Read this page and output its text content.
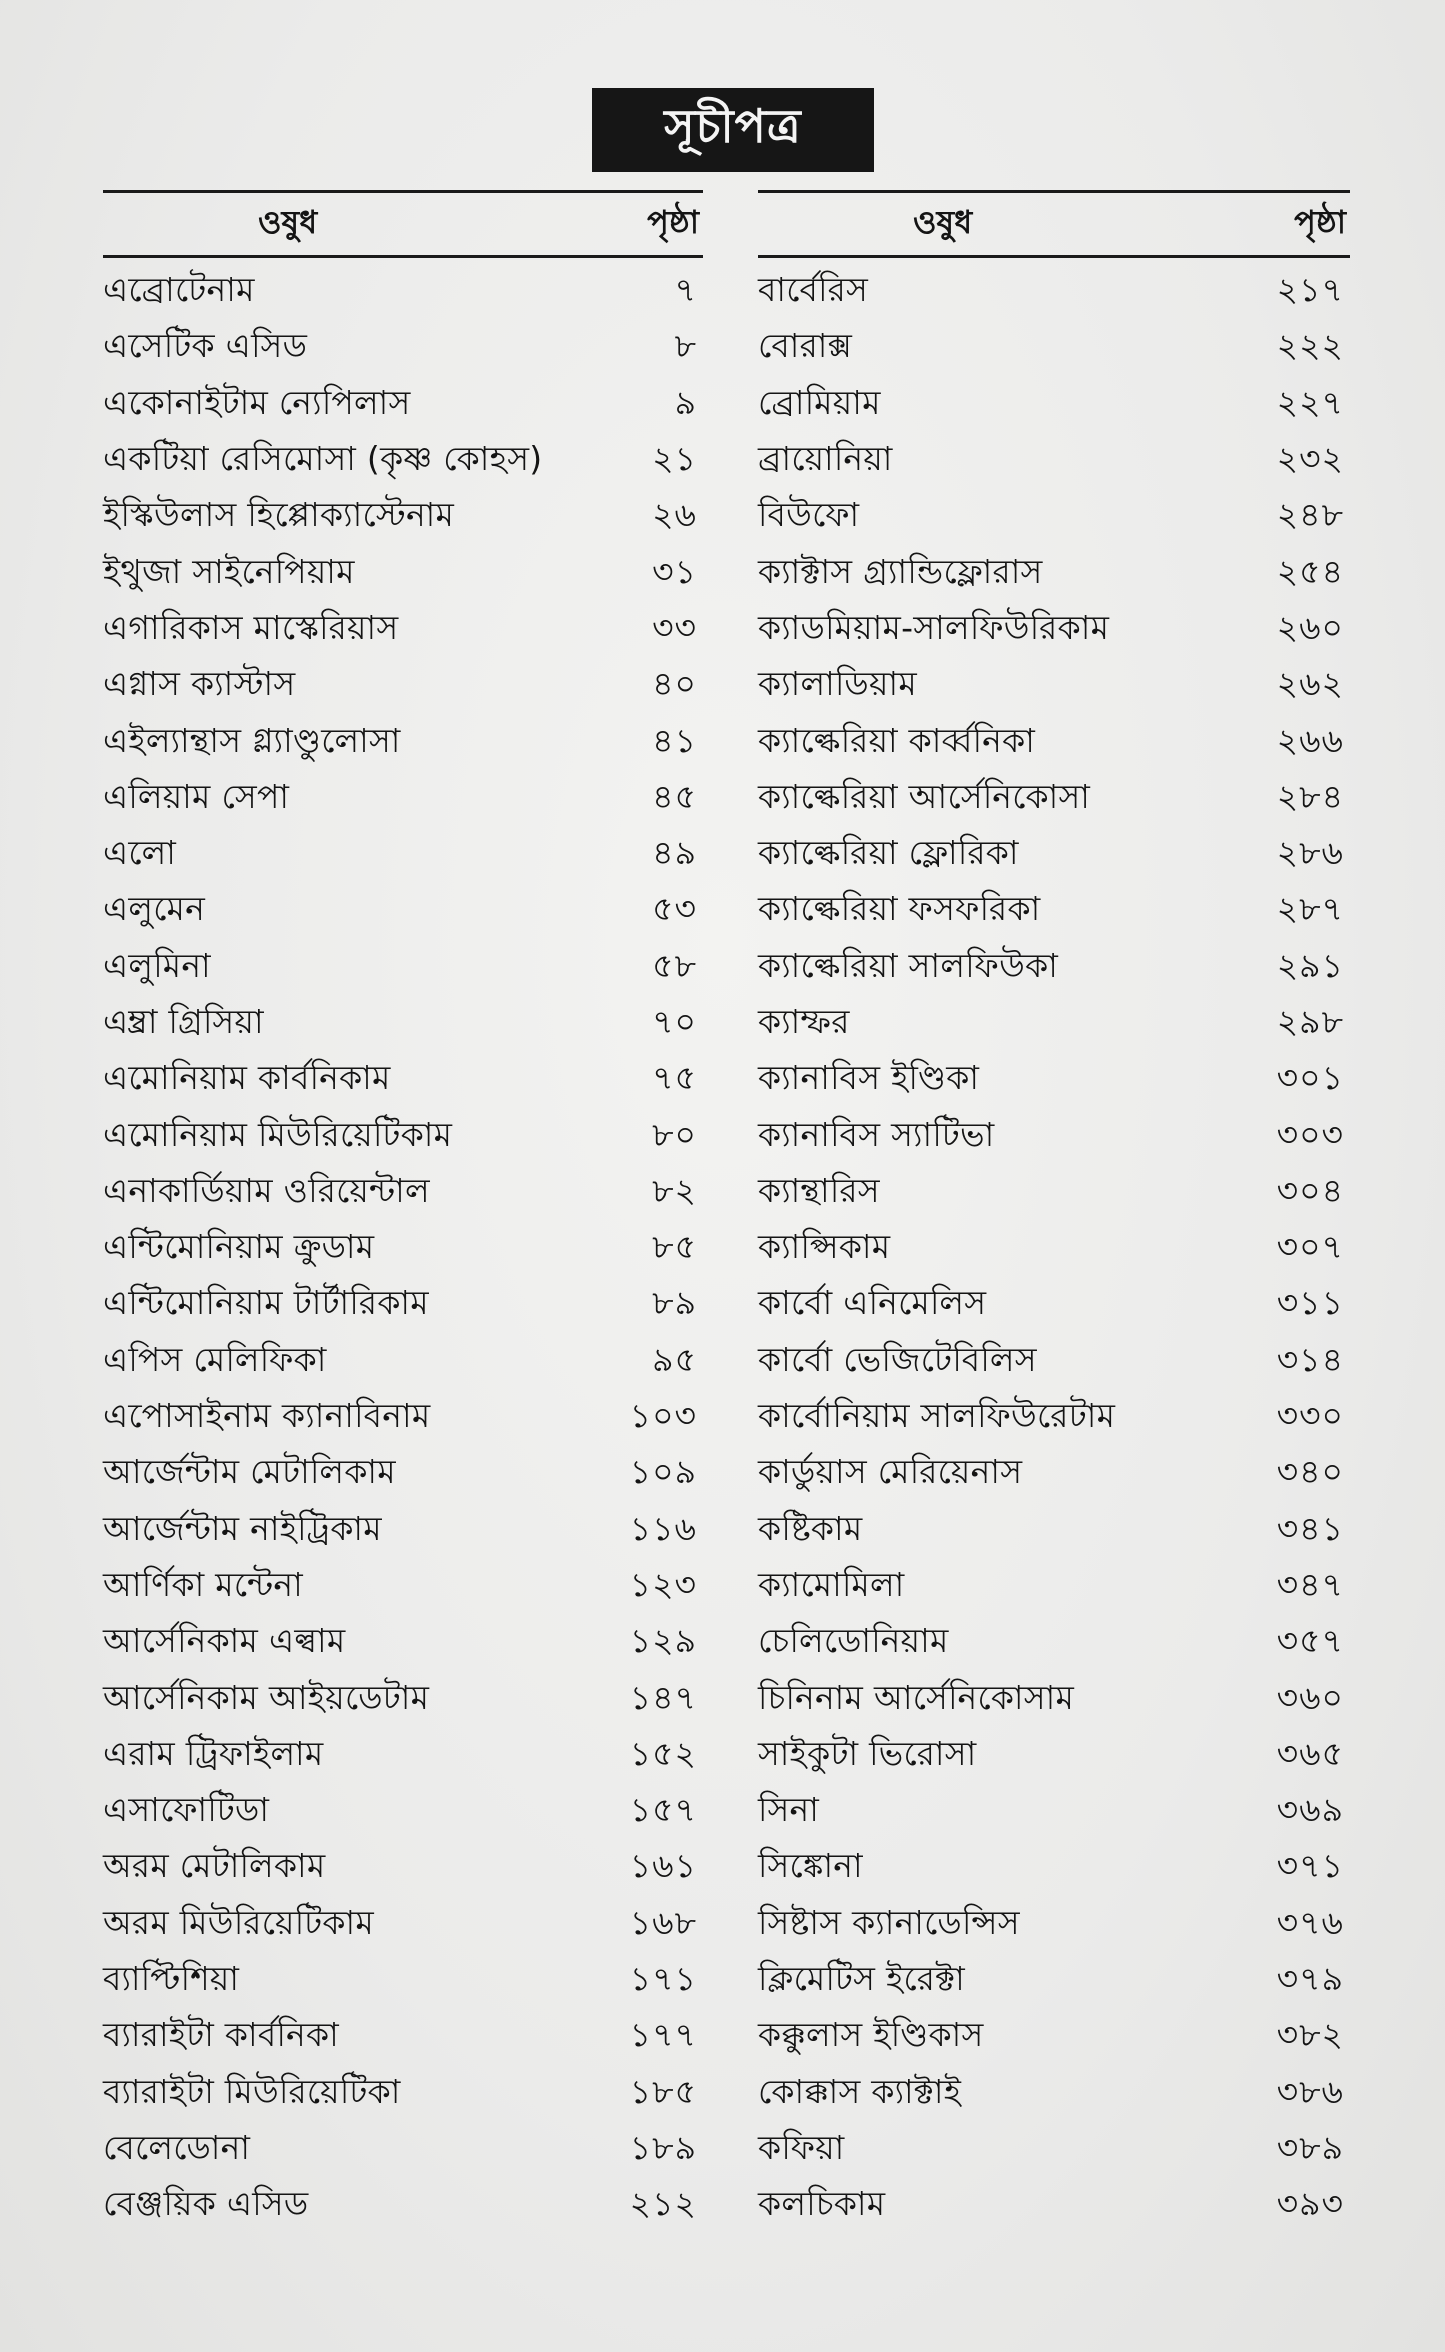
সূচীপত্র
ওষুধ	পৃষ্ঠা
এব্রোটেনাম	৭
এসেটিক এসিড	৮
একোনাইটাম ন্যেপিলাস	৯
একটিয়া রেসিমোসা (কৃষ্ণ কোহস)	২১
ইস্কিউলাস হিপ্পোক্যাস্টেনাম	২৬
ইথুজা সাইনেপিয়াম	৩১
এগারিকাস মাস্কেরিয়াস	৩৩
এগ্নাস ক্যাস্টাস	৪০
এইল্যান্থাস গ্ল্যাণ্ডুলোসা	৪১
এলিয়াম সেপা	৪৫
এলো	৪৯
এলুমেন	৫৩
এলুমিনা	৫৮
এম্ব্রা গ্রিসিয়া	৭০
এমোনিয়াম কার্বনিকাম	৭৫
এমোনিয়াম মিউরিয়েটিকাম	৮০
এনাকার্ডিয়াম ওরিয়েন্টাল	৮২
এন্টিমোনিয়াম ক্রুডাম	৮৫
এন্টিমোনিয়াম টার্টারিকাম	৮৯
এপিস মেলিফিকা	৯৫
এপোসাইনাম ক্যানাবিনাম	১০৩
আর্জেন্টাম মেটালিকাম	১০৯
আর্জেন্টাম নাইট্রিকাম	১১৬
আর্ণিকা মন্টেনা	১২৩
আর্সেনিকাম এল্বাম	১২৯
আর্সেনিকাম আইয়ডেটাম	১৪৭
এরাম ট্রিফাইলাম	১৫২
এসাফোটিডা	১৫৭
অরম মেটালিকাম	১৬১
অরম মিউরিয়েটিকাম	১৬৮
ব্যাপ্টিশিয়া	১৭১
ব্যারাইটা কার্বনিকা	১৭৭
ব্যারাইটা মিউরিয়েটিকা	১৮৫
বেলেডোনা	১৮৯
বেঞ্জয়িক এসিড	২১২
ওষুধ	পৃষ্ঠা
বার্বেরিস	২১৭
বোরাক্স	২২২
ব্রোমিয়াম	২২৭
ব্রায়োনিয়া	২৩২
বিউফো	২৪৮
ক্যাক্টাস গ্র্যান্ডিফ্লোরাস	২৫৪
ক্যাডমিয়াম-সালফিউরিকাম	২৬০
ক্যালাডিয়াম	২৬২
ক্যাল্কেরিয়া কার্ব্বনিকা	২৬৬
ক্যাল্কেরিয়া আর্সেনিকোসা	২৮৪
ক্যাল্কেরিয়া ফ্লোরিকা	২৮৬
ক্যাল্কেরিয়া ফসফরিকা	২৮৭
ক্যাল্কেরিয়া সালফিউকা	২৯১
ক্যাম্ফর	২৯৮
ক্যানাবিস ইণ্ডিকা	৩০১
ক্যানাবিস স্যাটিভা	৩০৩
ক্যান্থারিস	৩০৪
ক্যাপ্সিকাম	৩০৭
কার্বো এনিমেলিস	৩১১
কার্বো ভেজিটেবিলিস	৩১৪
কার্বোনিয়াম সালফিউরেটাম	৩৩০
কার্ডুয়াস মেরিয়েনাস	৩৪০
কষ্টিকাম	৩৪১
ক্যামোমিলা	৩৪৭
চেলিডোনিয়াম	৩৫৭
চিনিনাম আর্সেনিকোসাম	৩৬০
সাইকুটা ভিরোসা	৩৬৫
সিনা	৩৬৯
সিঙ্কোনা	৩৭১
সিষ্টাস ক্যানাডেন্সিস	৩৭৬
ক্লিমেটিস ইরেক্টা	৩৭৯
কক্কুলাস ইণ্ডিকাস	৩৮২
কোক্কাস ক্যাক্টাই	৩৮৬
কফিয়া	৩৮৯
কলচিকাম	৩৯৩
